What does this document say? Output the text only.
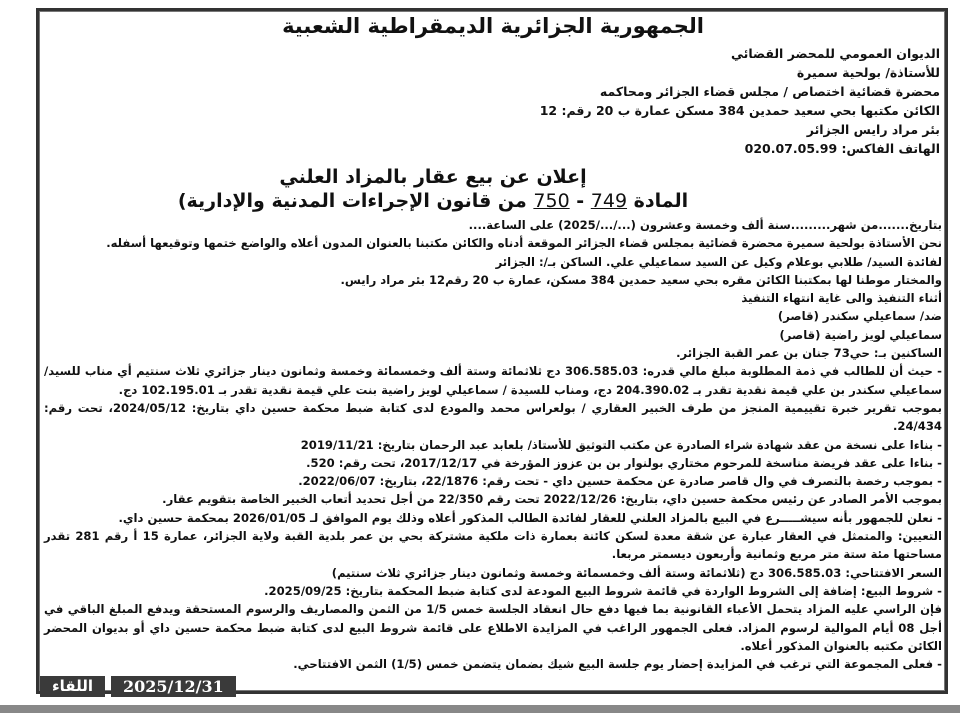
الجمهورية الجزائرية الديمقراطية الشعبية
الديوان العمومي للمحضر القضائي
للأستاذة/ بولحية سميرة
محضرة قضائية اختصاص / مجلس قضاء الجزائر ومحاكمه
الكائن مكتبها بحي سعيد حمدين 384 مسكن عمارة ب 20 رقم: 12
بئر مراد رايس الجزائر
الهاتف الفاكس: 020.07.05.99
إعلان عن بيع عقار بالمزاد العلني
المادة 749 - 750 من قانون الإجراءات المدنية والإدارية)

بتاريخ.......من شهر.........سنة ألف وخمسة وعشرون (.../.../2025) على الساعة....

نحن الأستاذة بولحية سميرة محضرة قضائية بمجلس قضاء الجزائر الموقعة أدناه والكائن مكتبنا بالعنوان المدون أعلاه والواضع ختمها وتوقيعها أسفله.

لفائدة السيد/ طلابي بوعلام وكيل عن السيد سماعيلي علي. الساكن بـ/: الجزائر

والمختار موطنا لها بمكتبنا الكائن مقره بحي سعيد حمدين 384 مسكن، عمارة ب 20 رقم12 بئر مراد رايس.

أثناء التنفيذ والى غاية انتهاء التنفيذ

ضد/ سماعيلي سكندر (قاصر)

سماعيلي لويز راضية (قاصر)

الساكنين بـ: حي73 جنان بن عمر القبة الجزائر.

- حيث أن للطالب في ذمة المطلوبة مبلغ مالي قدره: 306.585.03 دج ثلاثمائة وستة ألف وخمسمائة وخمسة وثمانون دينار جزائري ثلاث سنتيم أي مناب للسيد/ سماعيلي سكندر بن علي قيمة نقدية تقدر بـ 204.390.02 دج، ومناب للسيدة / سماعيلي لويز راضية بنت علي قيمة نقدية تقدر بـ 102.195.01 دج.

بموجب تقرير خبرة تقييمية المنجز من طرف الخبير العقاري / بولعراس محمد والمودع لدى كتابة ضبط محكمة حسين داي بتاريخ: 2024/05/12، تحت رقم: 24/434.

- بناءا على نسخة من عقد شهادة شراء الصادرة عن مكتب التوثيق للأستاذ/ بلعابد عبد الرحمان بتاريخ: 2019/11/21

- بناءا على عقد فريضة مناسخة للمرحوم مختاري بولنوار بن بن عزوز المؤرخة في 2017/12/17، تحت رقم: 520.

- بموجب رخصة بالتصرف في وال قاصر صادرة عن محكمة حسين داي - تحت رقم: 22/1876، بتاريخ: 2022/06/07.

بموجب الأمر الصادر عن رئيس محكمة حسين داي، بتاريخ: 2022/12/26 تحت رقم 22/350 من أجل تحديد أتعاب الخبير الخاصة بتقويم عقار.

- نعلن للجمهور بأنه سيشـــــرع في البيع بالمزاد العلني للعقار لفائدة الطالب المذكور أعلاه وذلك يوم الموافق لـ 2026/01/05 بمحكمة حسين داي.

التعيين: والمتمثل في العقار عبارة عن شقة معدة لسكن كائنة بعمارة ذات ملكية مشتركة بحي بن عمر بلدية القبة ولاية الجزائر، عمارة 15 أ رقم 281 تقدر مساحتها مئة ستة متر مربع وثمانية وأربعون ديسمتر مربعا.

السعر الافتتاحي: 306.585.03 دج (ثلاثمائة وستة ألف وخمسمائة وخمسة وثمانون دينار جزائري ثلاث سنتيم)

- شروط البيع: إضافة إلى الشروط الواردة في قائمة شروط البيع المودعة لدى كتابة ضبط المحكمة بتاريخ: 2025/09/25.

فإن الراسي عليه المزاد يتحمل الأعباء القانونية بما فيها دفع حال انعقاد الجلسة خمس 1/5 من الثمن والمصاريف والرسوم المستحقة ويدفع المبلغ الباقي في أجل 08 أيام الموالية لرسوم المزاد. فعلى الجمهور الراغب في المزايدة الاطلاع على قائمة شروط البيع لدى كتابة ضبط محكمة حسين داي أو بديوان المحضر الكائن مكتبه بالعنوان المذكور أعلاه.

- فعلى المجموعة التي ترغب في المزايدة إحضار يوم جلسة البيع شيك بضمان يتضمن خمس (1/5) الثمن الافتتاحي.

اللقاء	2025/12/31
